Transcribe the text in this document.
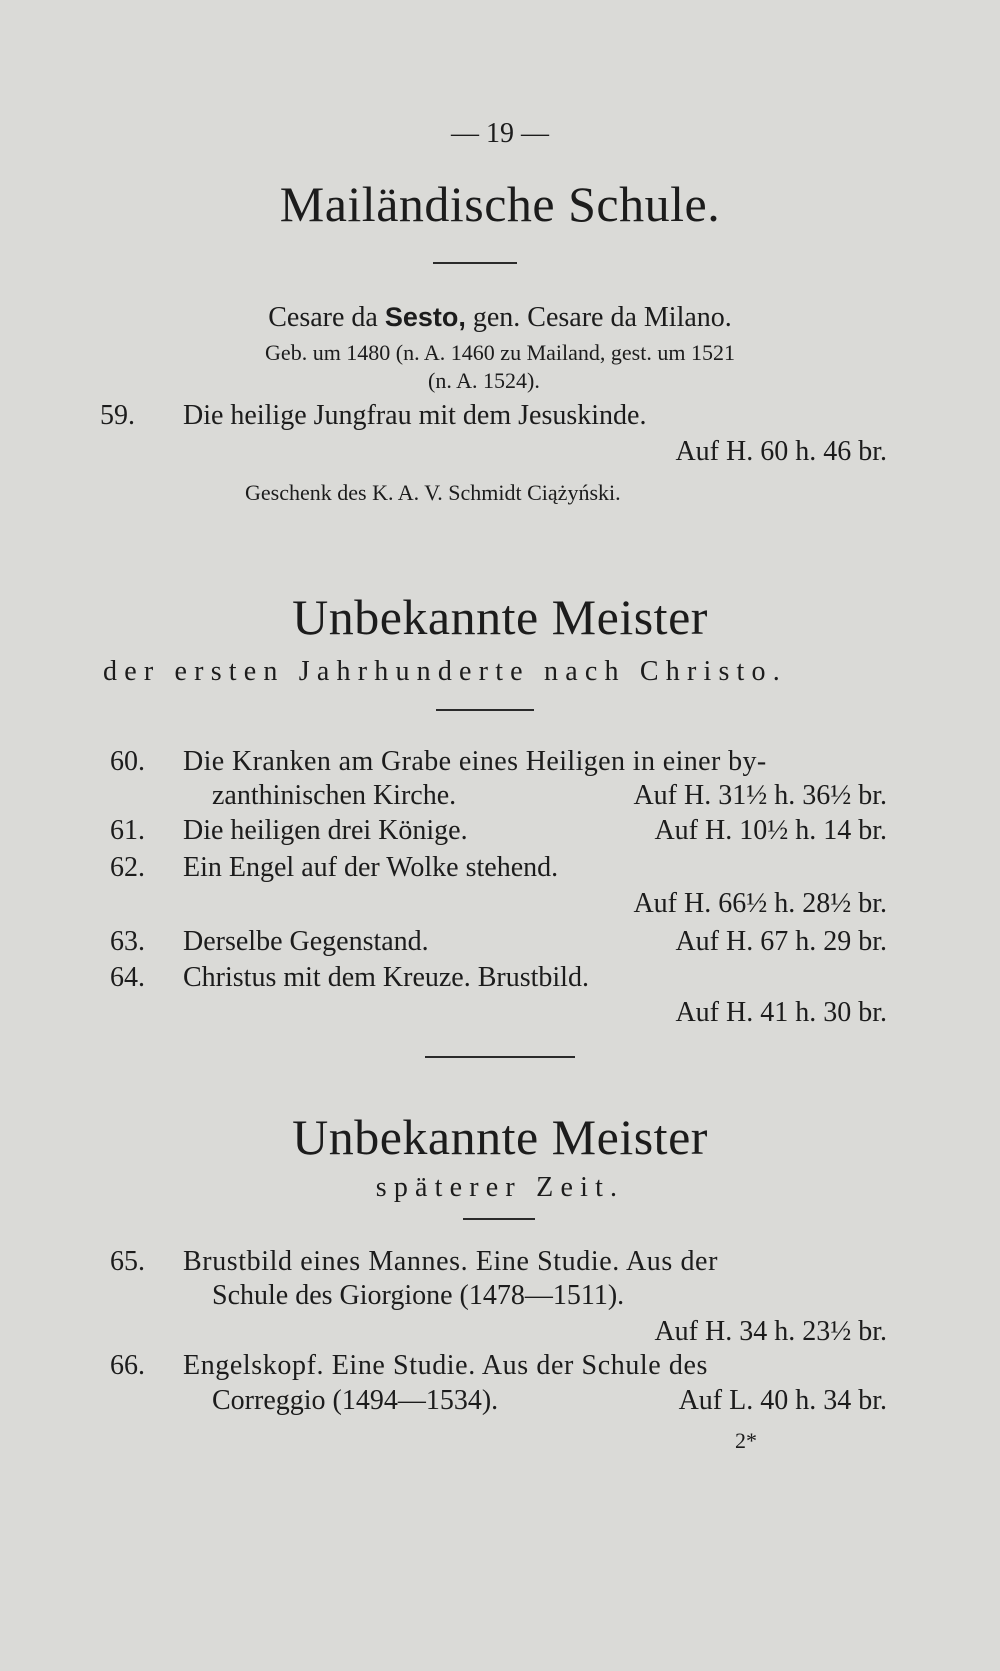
— 19 —
Mailändische Schule.
Cesare da Sesto, gen. Cesare da Milano.
Geb. um 1480 (n. A. 1460 zu Mailand, gest. um 1521
(n. A. 1524).
59. Die heilige Jungfrau mit dem Jesuskinde.
Auf H. 60 h. 46 br.
Geschenk des K. A. V. Schmidt Ciążyński.
Unbekannte Meister
der ersten Jahrhunderte nach Christo.
60. Die Kranken am Grabe eines Heiligen in einer by-
zanthinischen Kirche.	Auf H. 31½ h. 36½ br.
61. Die heiligen drei Könige.	Auf H. 10½ h. 14 br.
62. Ein Engel auf der Wolke stehend.
Auf H. 66½ h. 28½ br.
63. Derselbe Gegenstand.	Auf H. 67 h. 29 br.
64. Christus mit dem Kreuze. Brustbild.
Auf H. 41 h. 30 br.
Unbekannte Meister
späterer Zeit.
65. Brustbild eines Mannes. Eine Studie. Aus der
Schule des Giorgione (1478—1511).
Auf H. 34 h. 23½ br.
66. Engelskopf. Eine Studie. Aus der Schule des
Correggio (1494—1534).	Auf L. 40 h. 34 br.
2*
